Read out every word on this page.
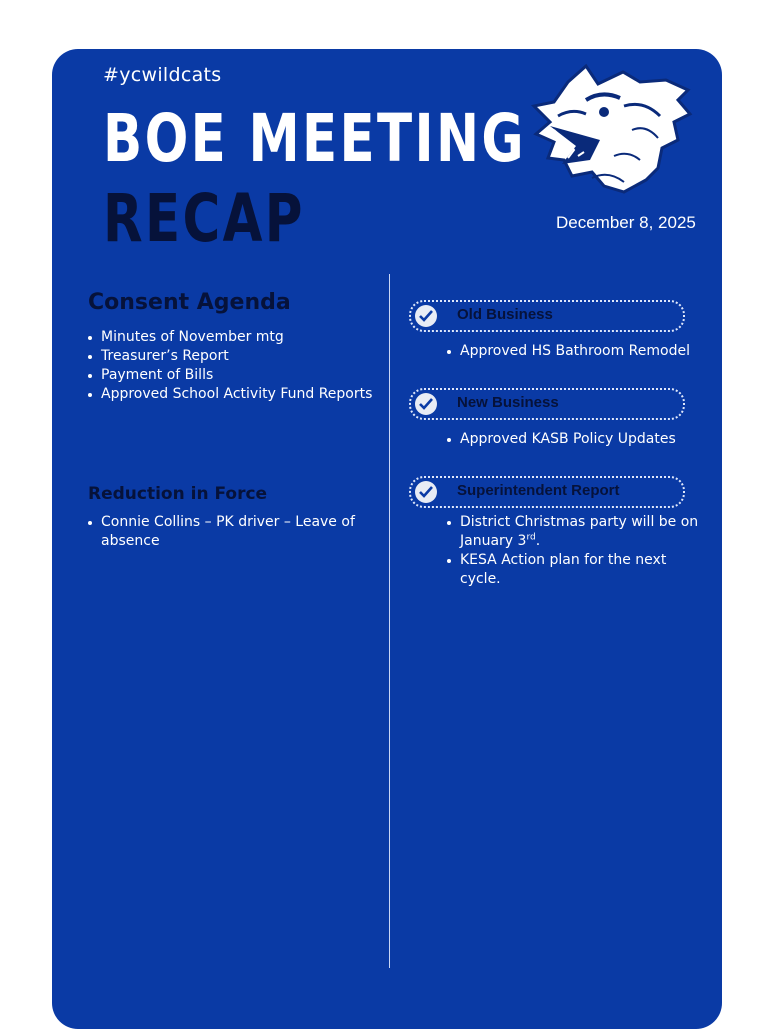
#ycwildcats
BOE MEETING
RECAP	December 8, 2025
Consent Agenda
Minutes of November mtg
Treasurer’s Report
Payment of Bills
Approved School Activity Fund Reports
Reduction in Force
Connie Collins – PK driver – Leave of absence
Old Business
Approved HS Bathroom Remodel
New Business
Approved KASB Policy Updates
Superintendent Report
District Christmas party will be on January 3rd.
KESA Action plan for the next cycle.
